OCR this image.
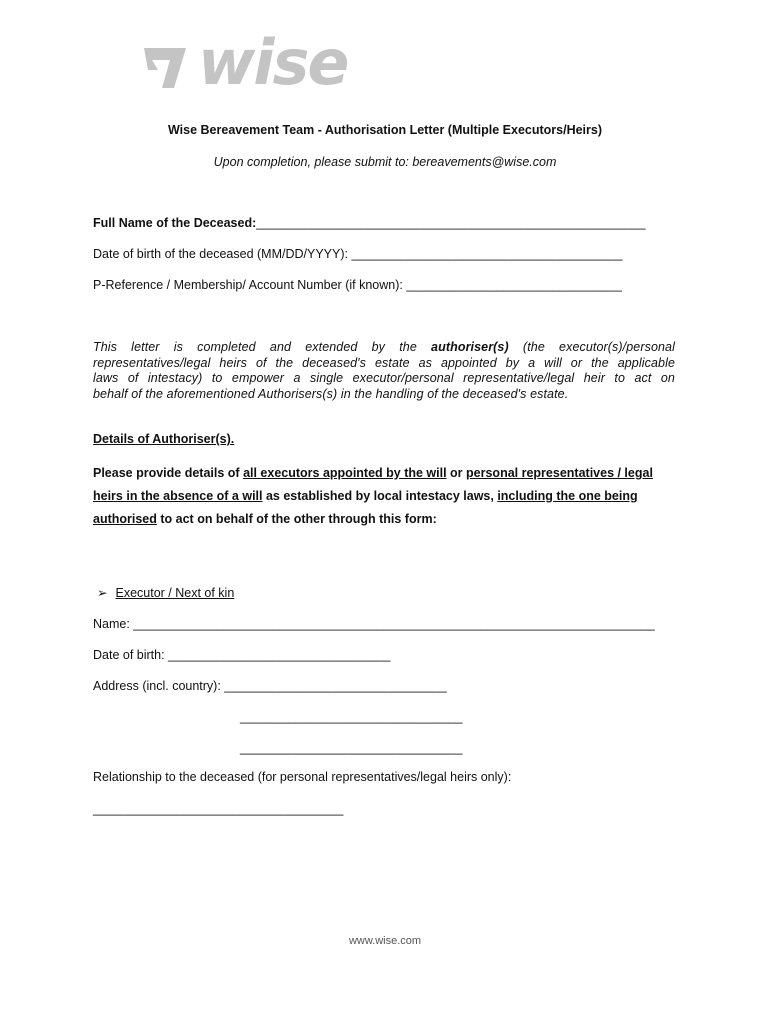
wise
Wise Bereavement Team - Authorisation Letter (Multiple Executors/Heirs)
Upon completion, please submit to: bereavements@wise.com
Full Name of the Deceased:________________________________________________________
Date of birth of the deceased (MM/DD/YYYY): _______________________________________
P-Reference / Membership/ Account Number (if known): _______________________________
This letter is completed and extended by the authoriser(s) (the executor(s)/personal
representatives/legal heirs of the deceased's estate as appointed by a will or the applicable
laws of intestacy) to empower a single executor/personal representative/legal heir to act on
behalf of the aforementioned Authorisers(s) in the handling of the deceased's estate.
Details of Authoriser(s).
Please provide details of all executors appointed by the will or personal representatives / legal heirs in the absence of a will as established by local intestacy laws, including the one being authorised to act on behalf of the other through this form:
➢ Executor / Next of kin
Name: ___________________________________________________________________________
Date of birth: ________________________________
Address (incl. country): ________________________________
________________________________
________________________________
Relationship to the deceased (for personal representatives/legal heirs only):
____________________________________
www.wise.com
